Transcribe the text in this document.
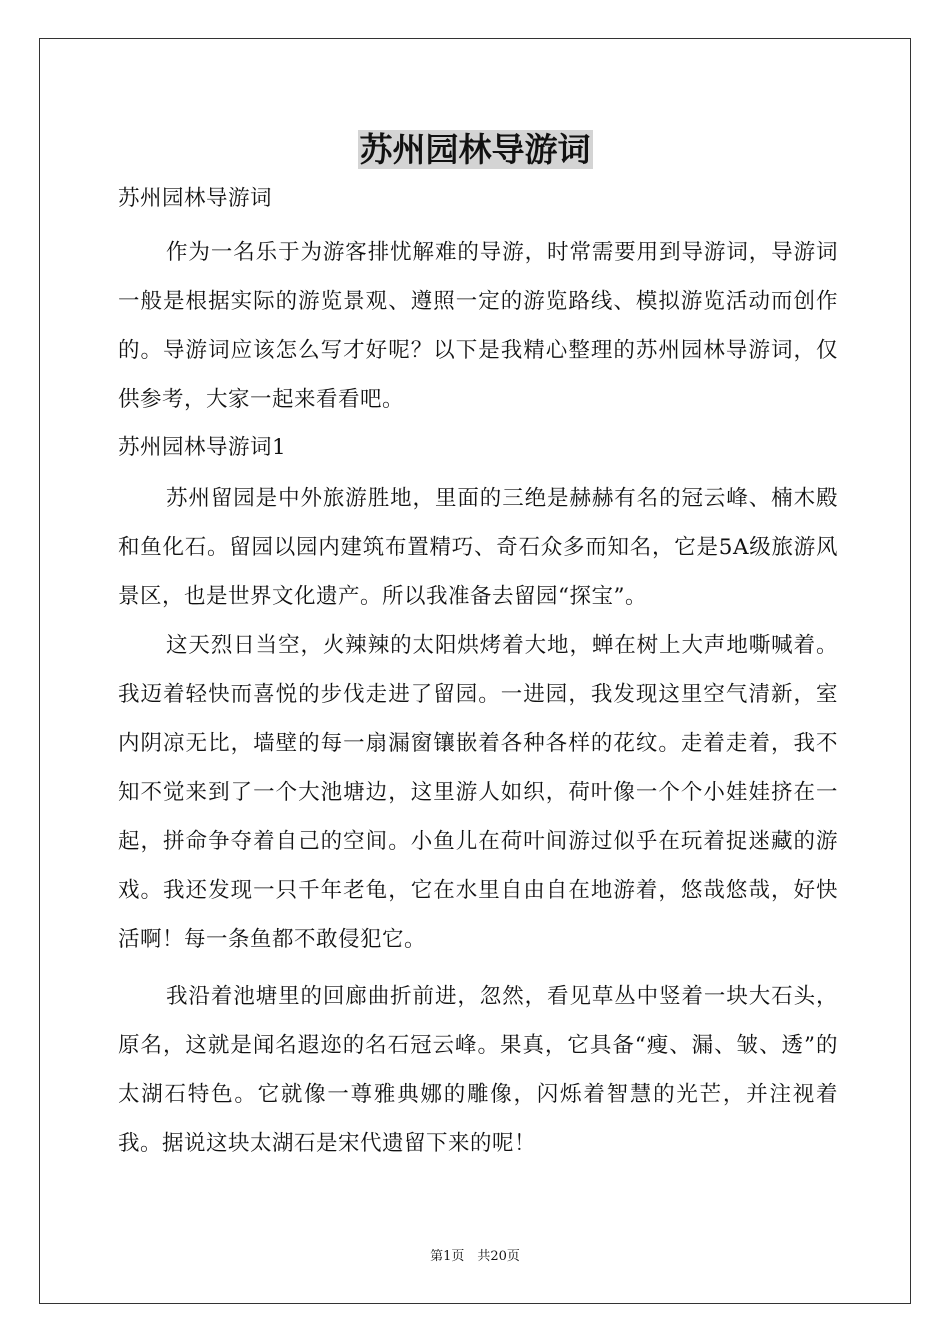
苏州园林导游词

苏州园林导游词

作为一名乐于为游客排忧解难的导游，时常需要用到导游词，导游词一般是根据实际的游览景观、遵照一定的游览路线、模拟游览活动而创作的。导游词应该怎么写才好呢？以下是我精心整理的苏州园林导游词，仅供参考，大家一起来看看吧。

苏州园林导游词1

苏州留园是中外旅游胜地，里面的三绝是赫赫有名的冠云峰、楠木殿和鱼化石。留园以园内建筑布置精巧、奇石众多而知名，它是5A级旅游风景区，也是世界文化遗产。所以我准备去留园“探宝”。

这天烈日当空，火辣辣的太阳烘烤着大地，蝉在树上大声地嘶喊着。我迈着轻快而喜悦的步伐走进了留园。一进园，我发现这里空气清新，室内阴凉无比，墙壁的每一扇漏窗镶嵌着各种各样的花纹。走着走着，我不知不觉来到了一个大池塘边，这里游人如织，荷叶像一个个小娃娃挤在一起，拼命争夺着自己的空间。小鱼儿在荷叶间游过似乎在玩着捉迷藏的游戏。我还发现一只千年老龟，它在水里自由自在地游着，悠哉悠哉，好快活啊！每一条鱼都不敢侵犯它。

我沿着池塘里的回廊曲折前进，忽然，看见草丛中竖着一块大石头，原名，这就是闻名遐迩的名石冠云峰。果真，它具备“瘦、漏、皱、透”的太湖石特色。它就像一尊雅典娜的雕像，闪烁着智慧的光芒，并注视着我。据说这块太湖石是宋代遗留下来的呢！

第1页　共20页
